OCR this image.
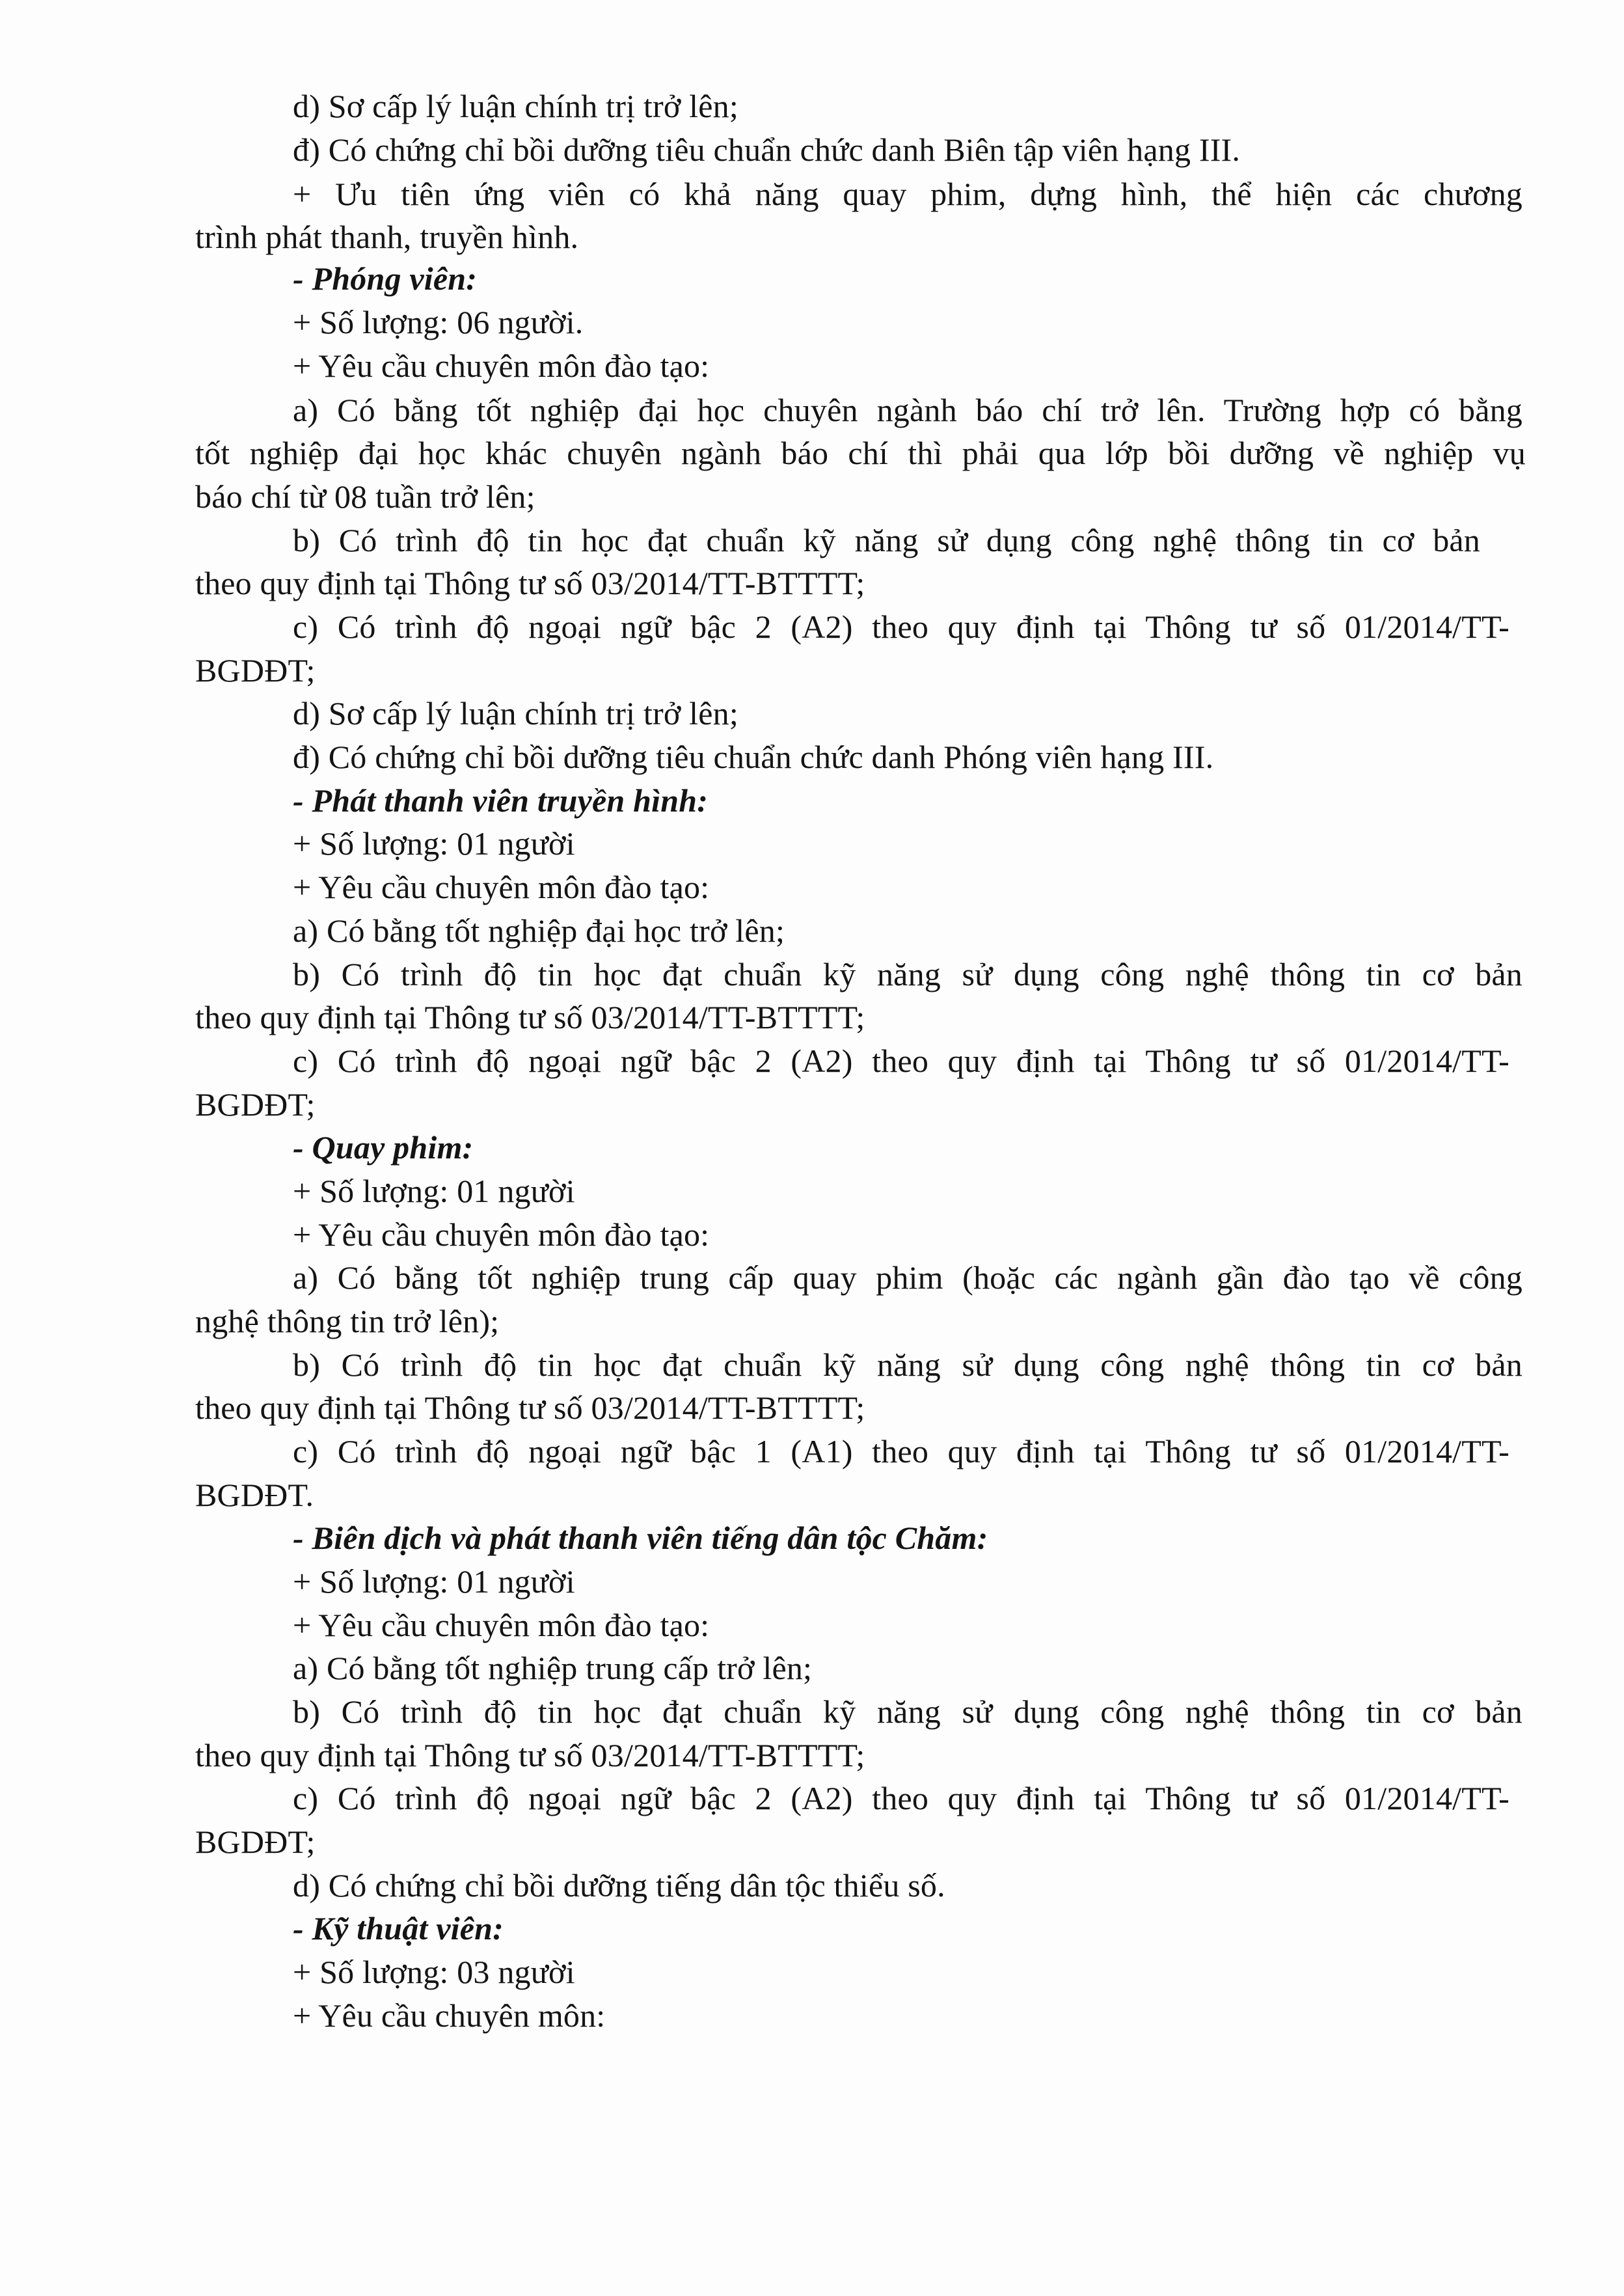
d) Sơ cấp lý luận chính trị trở lên;
đ) Có chứng chỉ bồi dưỡng tiêu chuẩn chức danh Biên tập viên hạng III.
+ Ưu tiên ứng viên có khả năng quay phim, dựng hình, thể hiện các chương
trình phát thanh, truyền hình.
- Phóng viên:
+ Số lượng: 06 người.
+ Yêu cầu chuyên môn đào tạo:
a) Có bằng tốt nghiệp đại học chuyên ngành báo chí trở lên. Trường hợp có bằng
tốt nghiệp đại học khác chuyên ngành báo chí thì phải qua lớp bồi dưỡng về nghiệp vụ
báo chí từ 08 tuần trở lên;
b) Có trình độ tin học đạt chuẩn kỹ năng sử dụng công nghệ thông tin cơ bản
theo quy định tại Thông tư số 03/2014/TT-BTTTT;
c) Có trình độ ngoại ngữ bậc 2 (A2) theo quy định tại Thông tư số 01/2014/TT-
BGDĐT;
d) Sơ cấp lý luận chính trị trở lên;
đ) Có chứng chỉ bồi dưỡng tiêu chuẩn chức danh Phóng viên hạng III.
- Phát thanh viên truyền hình:
+ Số lượng: 01 người
+ Yêu cầu chuyên môn đào tạo:
a) Có bằng tốt nghiệp đại học trở lên;
b) Có trình độ tin học đạt chuẩn kỹ năng sử dụng công nghệ thông tin cơ bản
theo quy định tại Thông tư số 03/2014/TT-BTTTT;
c) Có trình độ ngoại ngữ bậc 2 (A2) theo quy định tại Thông tư số 01/2014/TT-
BGDĐT;
- Quay phim:
+ Số lượng: 01 người
+ Yêu cầu chuyên môn đào tạo:
a) Có bằng tốt nghiệp trung cấp quay phim (hoặc các ngành gần đào tạo về công
nghệ thông tin trở lên);
b) Có trình độ tin học đạt chuẩn kỹ năng sử dụng công nghệ thông tin cơ bản
theo quy định tại Thông tư số 03/2014/TT-BTTTT;
c) Có trình độ ngoại ngữ bậc 1 (A1) theo quy định tại Thông tư số 01/2014/TT-
BGDĐT.
- Biên dịch và phát thanh viên tiếng dân tộc Chăm:
+ Số lượng: 01 người
+ Yêu cầu chuyên môn đào tạo:
a) Có bằng tốt nghiệp trung cấp trở lên;
b) Có trình độ tin học đạt chuẩn kỹ năng sử dụng công nghệ thông tin cơ bản
theo quy định tại Thông tư số 03/2014/TT-BTTTT;
c) Có trình độ ngoại ngữ bậc 2 (A2) theo quy định tại Thông tư số 01/2014/TT-
BGDĐT;
d) Có chứng chỉ bồi dưỡng tiếng dân tộc thiểu số.
- Kỹ thuật viên:
+ Số lượng: 03 người
+ Yêu cầu chuyên môn:
